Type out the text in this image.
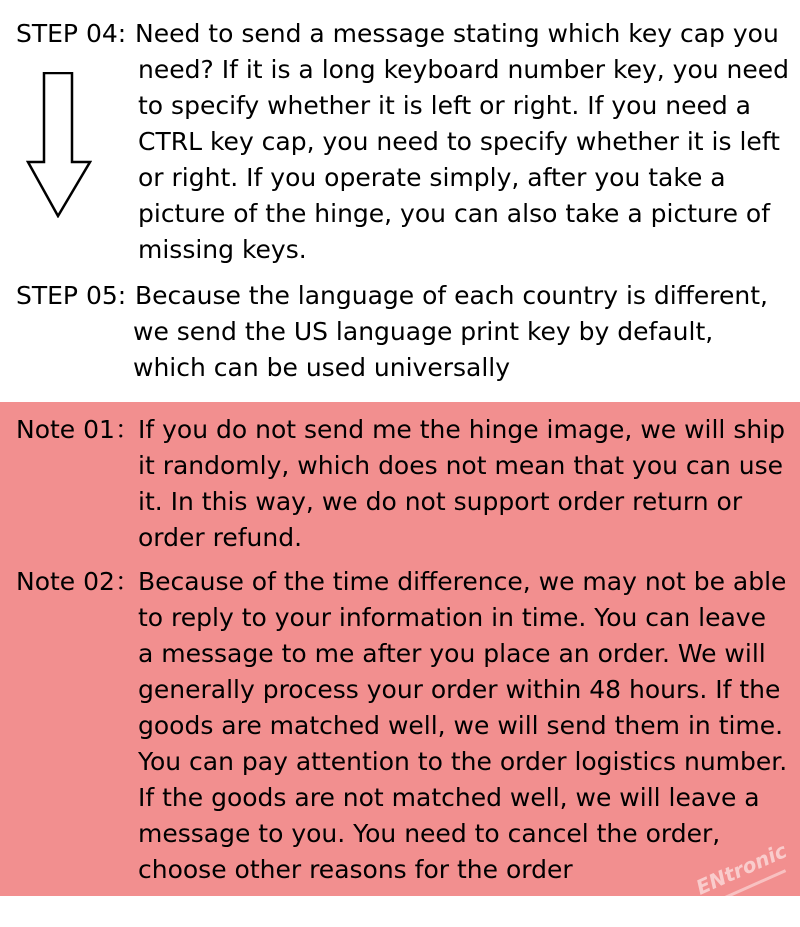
STEP 04: Need to send a message stating which key cap you
need? If it is a long keyboard number key, you need
to specify whether it is left or right. If you need a
CTRL key cap, you need to specify whether it is left
or right. If you operate simply, after you take a
picture of the hinge, you can also take a picture of
missing keys.
STEP 05: Because the language of each country is different,
we send the US language print key by default,
which can be used universally
Note 01：
If you do not send me the hinge image, we will ship
it randomly, which does not mean that you can use
it. In this way, we do not support order return or
order refund.
Note 02：
Because of the time difference, we may not be able
to reply to your information in time. You can leave
a message to me after you place an order. We will
generally process your order within 48 hours. If the
goods are matched well, we will send them in time.
You can pay attention to the order logistics number.
If the goods are not matched well, we will leave a
message to you. You need to cancel the order,
choose other reasons for the order	ENtronic
